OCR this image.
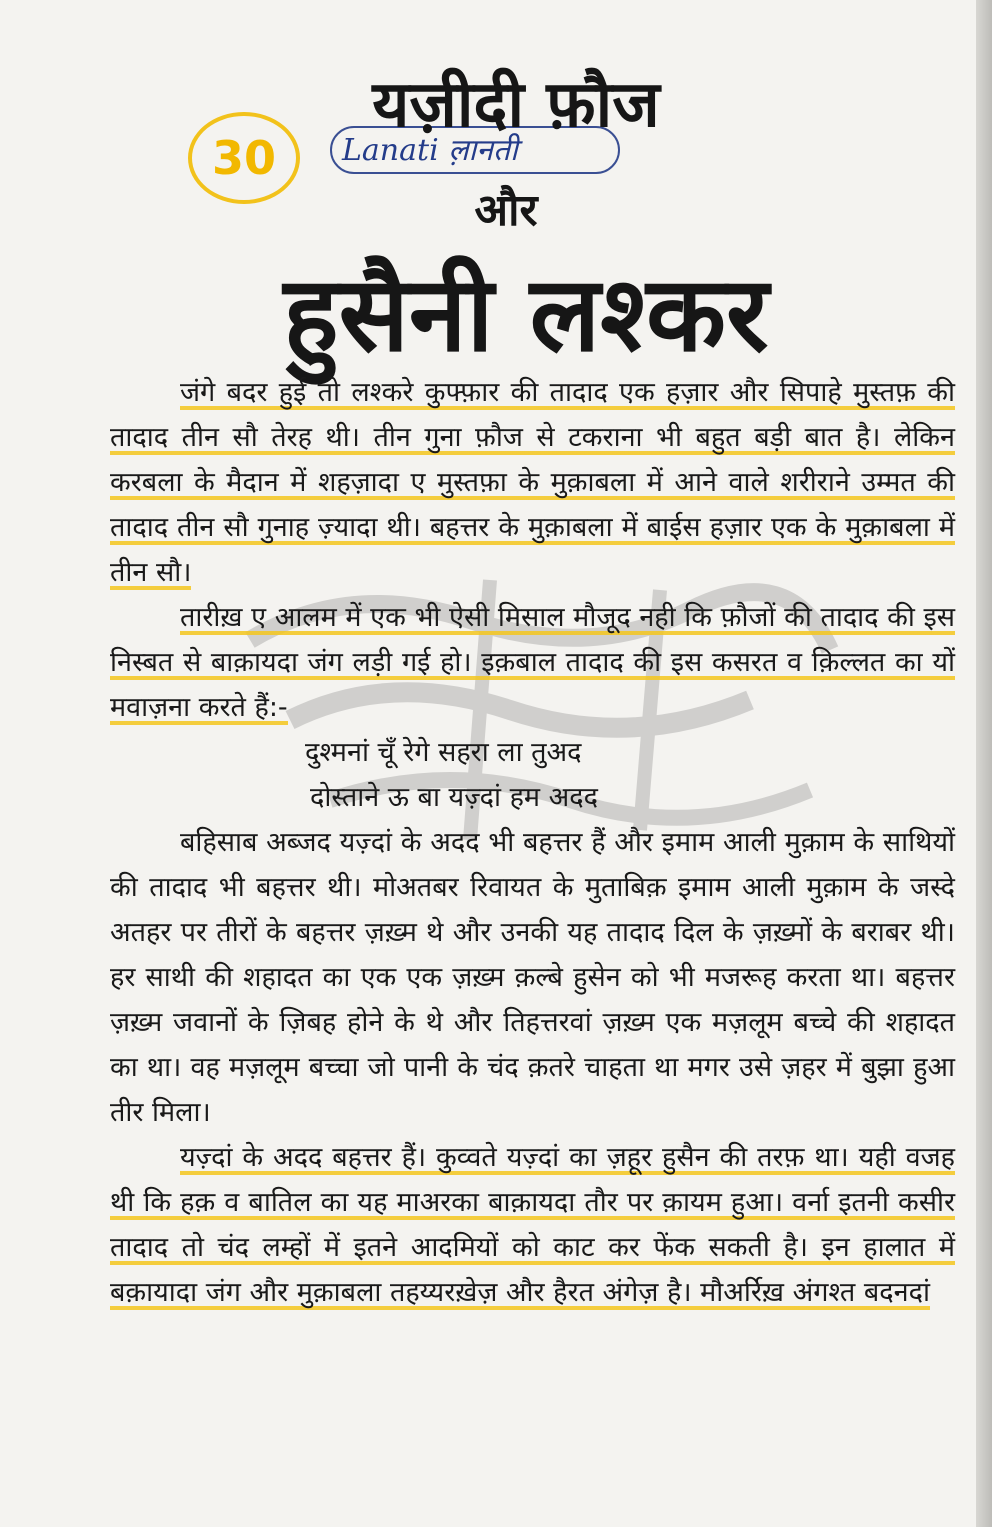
30	Lanati ल़ानती
यज़ीदी फ़ौज
और
हुसैनी लश्कर

जंगे बदर हुई तो लश्करे कुफ्फ़ार की तादाद एक हज़ार और सिपाहे मुस्तफ़ की तादाद तीन सौ तेरह थी। तीन गुना फ़ौज से टकराना भी बहुत बड़ी बात है। लेकिन करबला के मैदान में शहज़ादा ए मुस्तफ़ा के मुक़ाबला में आने वाले शरीराने उम्मत की तादाद तीन सौ गुनाह ज़्यादा थी। बहत्तर के मुक़ाबला में बाईस हज़ार एक के मुक़ाबला में तीन सौ।

तारीख़ ए आलम में एक भी ऐसी मिसाल मौजूद नही कि फ़ौजों की तादाद की इस निस्बत से बाक़ायदा जंग लड़ी गई हो। इक़बाल तादाद की इस कसरत व क़िल्लत का यों मवाज़ना करते हैं:-

दुश्मनां चूँ रेगे सहरा ला तुअद

दोस्ताने ऊ बा यज़्दां हम अदद

बहिसाब अब्जद यज़्दां के अदद भी बहत्तर हैं और इमाम आली मुक़ाम के साथियों की तादाद भी बहत्तर थी। मोअतबर रिवायत के मुताबिक़ इमाम आली मुक़ाम के जस्दे अतहर पर तीरों के बहत्तर ज़ख़्म थे और उनकी यह तादाद दिल के ज़ख़्मों के बराबर थी। हर साथी की शहादत का एक एक ज़ख़्म क़ल्बे हुसेन को भी मजरूह करता था। बहत्तर ज़ख़्म जवानों के ज़िबह होने के थे और तिहत्तरवां ज़ख़्म एक मज़लूम बच्चे की शहादत का था। वह मज़लूम बच्चा जो पानी के चंद क़तरे चाहता था मगर उसे ज़हर में बुझा हुआ तीर मिला।

यज़्दां के अदद बहत्तर हैं। कुव्वते यज़्दां का ज़हूर हुसैन की तरफ़ था। यही वजह थी कि हक़ व बातिल का यह माअरका बाक़ायदा तौर पर क़ायम हुआ। वर्ना इतनी कसीर तादाद तो चंद लम्हों में इतने आदमियों को काट कर फेंक सकती है। इन हालात में बक़ायादा जंग और मुक़ाबला तहय्यरख़ेज़ और हैरत अंगेज़ है। मौअर्रिख़ अंगश्त बदनदां
